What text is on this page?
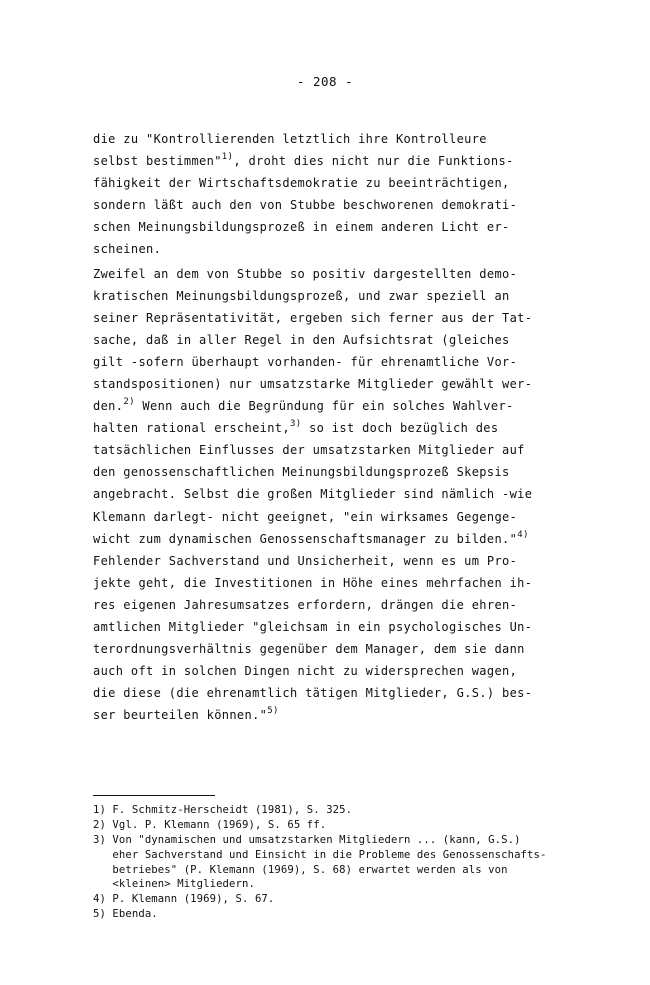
- 208 -
die zu "Kontrollierenden letztlich ihre Kontrolleure
selbst bestimmen"$^{1)}$, droht dies nicht nur die Funktions-
fähigkeit der Wirtschaftsdemokratie zu beeinträchtigen,
sondern läßt auch den von Stubbe beschworenen demokrati-
schen Meinungsbildungsprozeß in einem anderen Licht er-
scheinen.
Zweifel an dem von Stubbe so positiv dargestellten demo-
kratischen Meinungsbildungsprozeß, und zwar speziell an
seiner Repräsentativität, ergeben sich ferner aus der Tat-
sache, daß in aller Regel in den Aufsichtsrat (gleiches
gilt -sofern überhaupt vorhanden- für ehrenamtliche Vor-
standspositionen) nur umsatzstarke Mitglieder gewählt wer-
den.$^{2)}$ Wenn auch die Begründung für ein solches Wahlver-
halten rational erscheint,$^{3)}$ so ist doch bezüglich des
tatsächlichen Einflusses der umsatzstarken Mitglieder auf
den genossenschaftlichen Meinungsbildungsprozeß Skepsis
angebracht. Selbst die großen Mitglieder sind nämlich -wie
Klemann darlegt- nicht geeignet, "ein wirksames Gegenge-
wicht zum dynamischen Genossenschaftsmanager zu bilden."$^{4)}$
Fehlender Sachverstand und Unsicherheit, wenn es um Pro-
jekte geht, die Investitionen in Höhe eines mehrfachen ih-
res eigenen Jahresumsatzes erfordern, drängen die ehren-
amtlichen Mitglieder "gleichsam in ein psychologisches Un-
terordnungsverhältnis gegenüber dem Manager, dem sie dann
auch oft in solchen Dingen nicht zu widersprechen wagen,
die diese (die ehrenamtlich tätigen Mitglieder, G.S.) bes-
ser beurteilen können."$^{5)}$
1) F. Schmitz-Herscheidt (1981), S. 325.
2) Vgl. P. Klemann (1969), S. 65 ff.
3) Von "dynamischen und umsatzstarken Mitgliedern ... (kann, G.S.)
eher Sachverstand und Einsicht in die Probleme des Genossenschafts-
betriebes" (P. Klemann (1969), S. 68) erwartet werden als von
<kleinen> Mitgliedern.
4) P. Klemann (1969), S. 67.
5) Ebenda.
